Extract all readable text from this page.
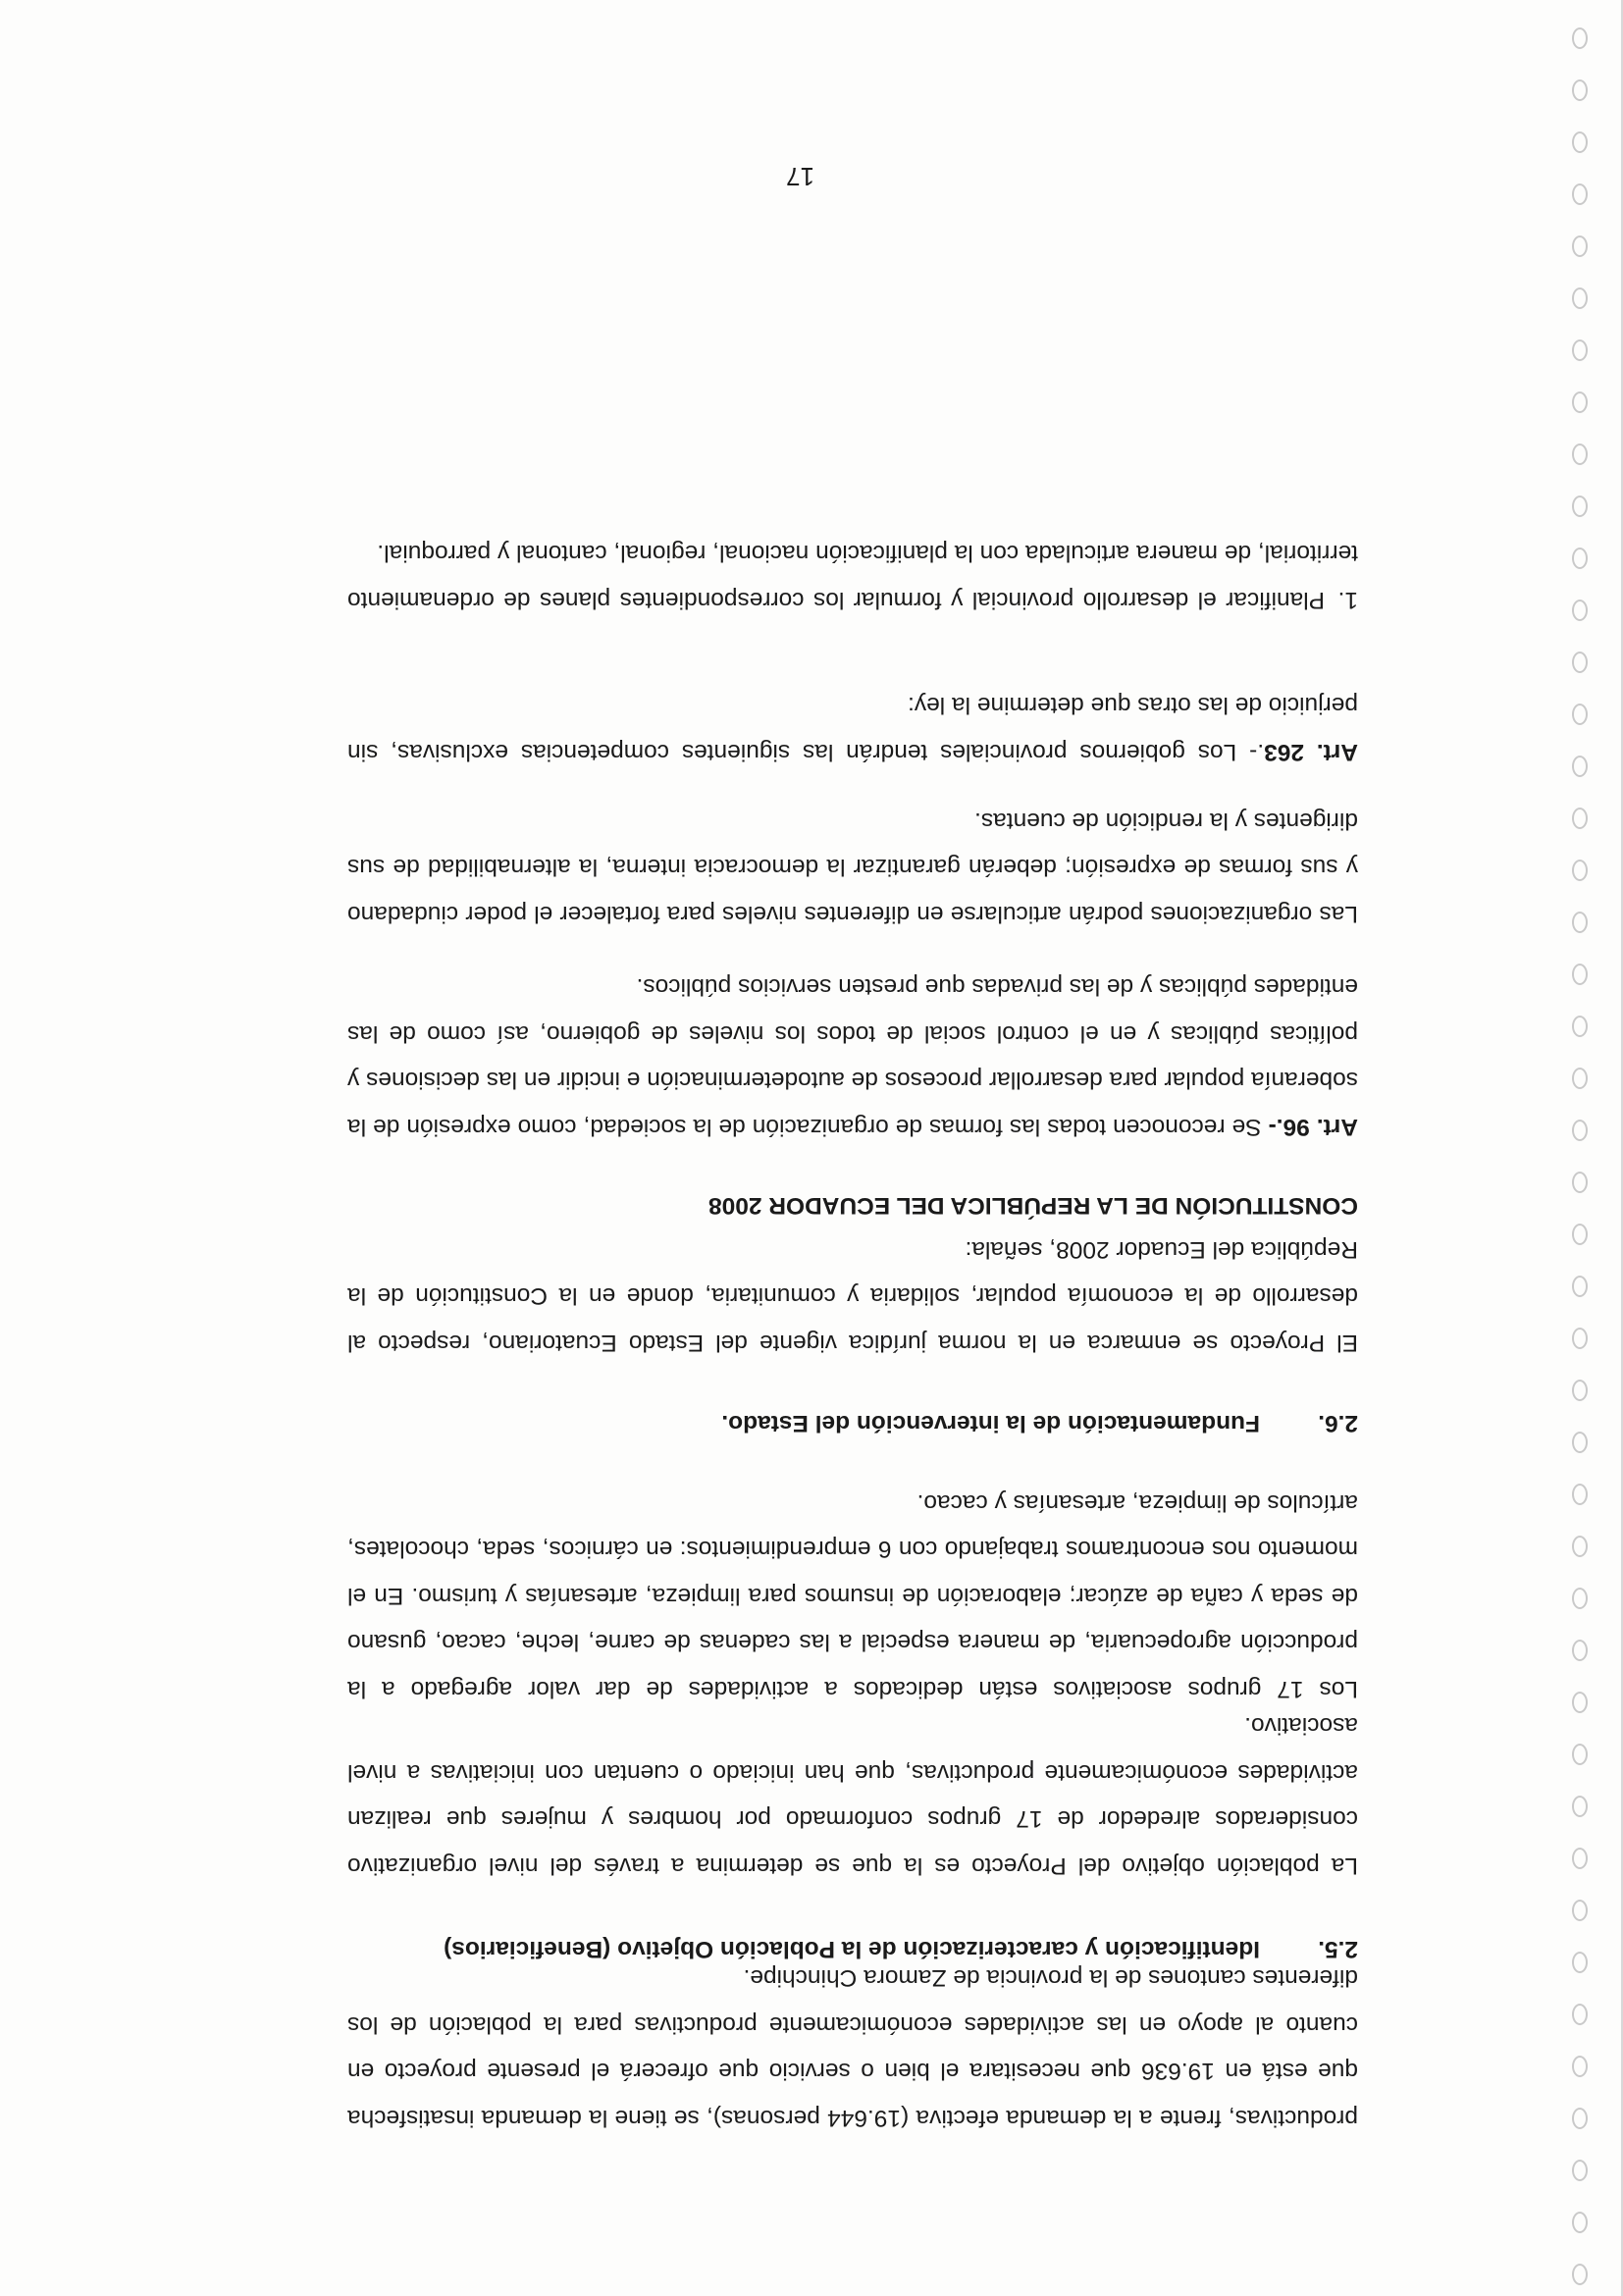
productivas, frente a la demanda efectiva (19.644 personas), se tiene la demanda insatisfecha que está en 19.636 que necesitara el bien o servicio que ofrecerá el presente proyecto en cuanto al apoyo en las actividades económicamente productivas para la población de los diferentes cantones de la provincia de Zamora Chinchipe.

2.5.Identificación y caracterización de la Población Objetivo (Beneficiarios)

La población objetivo del Proyecto es la que se determina a través del nivel organizativo considerados alrededor de 17 grupos conformado por hombres y mujeres que realizan actividades económicamente productivas, que han iniciado o cuentan con iniciativas a nivel asociativo.

Los 17 grupos asociativos están dedicados a actividades de dar valor agregado a la producción agropecuaria, de manera especial a las cadenas de carne, leche, cacao, gusano de seda y caña de azúcar; elaboración de insumos para limpieza, artesanías y turismo. En el momento nos encontramos trabajando con 6 emprendimientos: en cárnicos, seda, chocolates, artículos de limpieza, artesanías y cacao.

2.6.Fundamentación de la intervención del Estado.

El Proyecto se enmarca en la norma jurídica vigente del Estado Ecuatoriano, respecto al desarrollo de la economía popular, solidaria y comunitaria, donde en la Constitución de la República del Ecuador 2008, señala:

CONSTITUCIÓN DE LA REPÚBLICA DEL ECUADOR 2008

Art. 96.- Se reconocen todas las formas de organización de la sociedad, como expresión de la soberanía popular para desarrollar procesos de autodeterminación e incidir en las decisiones y políticas públicas y en el control social de todos los niveles de gobierno, así como de las entidades públicas y de las privadas que presten servicios públicos.

Las organizaciones podrán articularse en diferentes niveles para fortalecer el poder ciudadano y sus formas de expresión; deberán garantizar la democracia interna, la alternabilidad de sus dirigentes y la rendición de cuentas.

Art. 263.- Los gobiernos provinciales tendrán las siguientes competencias exclusivas, sin perjuicio de las otras que determine la ley:

1.Planificar el desarrollo provincial y formular los correspondientes planes de ordenamiento territorial, de manera articulada con la planificación nacional, regional, cantonal y parroquial.

17
